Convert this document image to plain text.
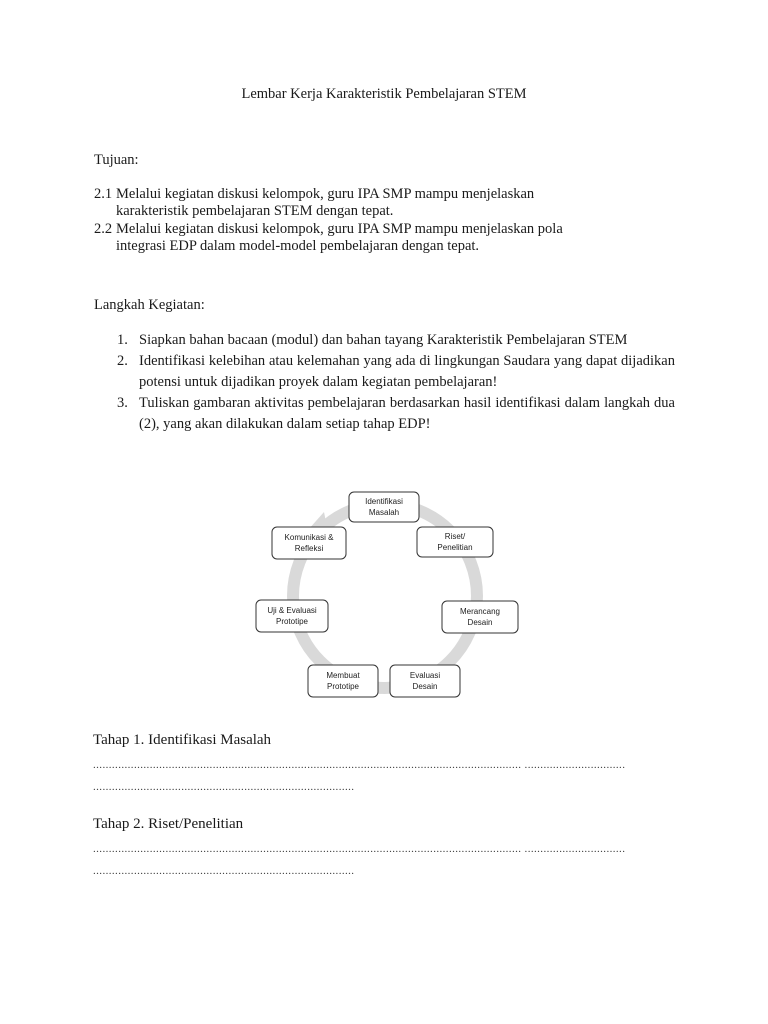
Lembar Kerja Karakteristik Pembelajaran STEM
Tujuan:
2.1 Melalui kegiatan diskusi kelompok, guru IPA SMP mampu menjelaskan
karakteristik pembelajaran STEM dengan tepat.
2.2 Melalui kegiatan diskusi kelompok, guru IPA SMP mampu menjelaskan pola
integrasi EDP dalam model-model pembelajaran dengan tepat.
Langkah Kegiatan:
1. Siapkan bahan bacaan (modul) dan bahan tayang Karakteristik Pembelajaran STEM
2. Identifikasi kelebihan atau kelemahan yang ada di lingkungan Saudara yang dapat dijadikan potensi untuk dijadikan proyek dalam kegiatan pembelajaran!
3. Tuliskan gambaran aktivitas pembelajaran berdasarkan hasil identifikasi dalam langkah dua (2), yang akan dilakukan dalam setiap tahap EDP!
Identifikasi
Masalah
Riset/
Penelitian
Merancang
Desain
Evaluasi
Desain
Membuat
Prototipe
Uji & Evaluasi
Prototipe
Komunikasi &
Refleksi
Tahap 1. Identifikasi Masalah
........................................................................................................................................ ................................
...................................................................................
Tahap 2. Riset/Penelitian
........................................................................................................................................ ................................
...................................................................................
